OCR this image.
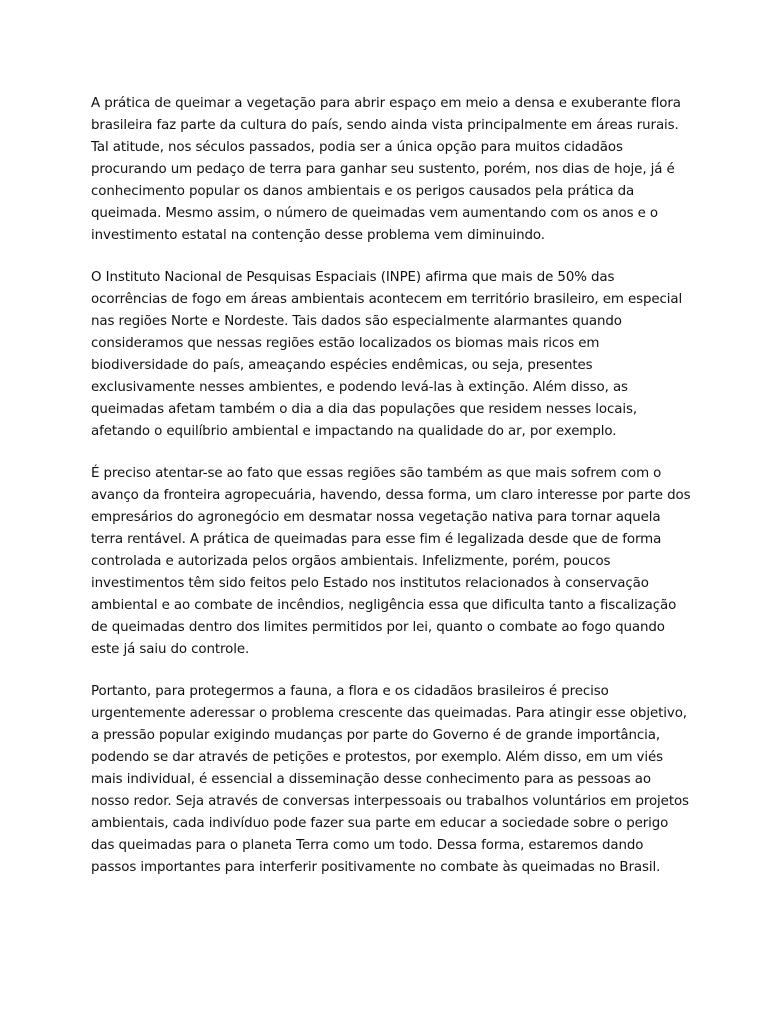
A prática de queimar a vegetação para abrir espaço em meio a densa e exuberante flora brasileira faz parte da cultura do país, sendo ainda vista principalmente em áreas rurais. Tal atitude, nos séculos passados, podia ser a única opção para muitos cidadãos procurando um pedaço de terra para ganhar seu sustento, porém, nos dias de hoje, já é conhecimento popular os danos ambientais e os perigos causados pela prática da queimada. Mesmo assim, o número de queimadas vem aumentando com os anos e o investimento estatal na contenção desse problema vem diminuindo.

O Instituto Nacional de Pesquisas Espaciais (INPE) afirma que mais de 50% das ocorrências de fogo em áreas ambientais acontecem em território brasileiro, em especial nas regiões Norte e Nordeste. Tais dados são especialmente alarmantes quando consideramos que nessas regiões estão localizados os biomas mais ricos em biodiversidade do país, ameaçando espécies endêmicas, ou seja, presentes exclusivamente nesses ambientes, e podendo levá-las à extinção. Além disso, as queimadas afetam também o dia a dia das populações que residem nesses locais, afetando o equilíbrio ambiental e impactando na qualidade do ar, por exemplo.

É preciso atentar-se ao fato que essas regiões são também as que mais sofrem com o avanço da fronteira agropecuária, havendo, dessa forma, um claro interesse por parte dos empresários do agronegócio em desmatar nossa vegetação nativa para tornar aquela terra rentável. A prática de queimadas para esse fim é legalizada desde que de forma controlada e autorizada pelos orgãos ambientais. Infelizmente, porém, poucos investimentos têm sido feitos pelo Estado nos institutos relacionados à conservação ambiental e ao combate de incêndios, negligência essa que dificulta tanto a fiscalização de queimadas dentro dos limites permitidos por lei, quanto o combate ao fogo quando este já saiu do controle.

Portanto, para protegermos a fauna, a flora e os cidadãos brasileiros é preciso urgentemente aderessar o problema crescente das queimadas. Para atingir esse objetivo, a pressão popular exigindo mudanças por parte do Governo é de grande importância, podendo se dar através de petições e protestos, por exemplo. Além disso, em um viés mais individual, é essencial a disseminação desse conhecimento para as pessoas ao nosso redor. Seja através de conversas interpessoais ou trabalhos voluntários em projetos ambientais, cada indivíduo pode fazer sua parte em educar a sociedade sobre o perigo das queimadas para o planeta Terra como um todo. Dessa forma, estaremos dando passos importantes para interferir positivamente no combate às queimadas no Brasil.
